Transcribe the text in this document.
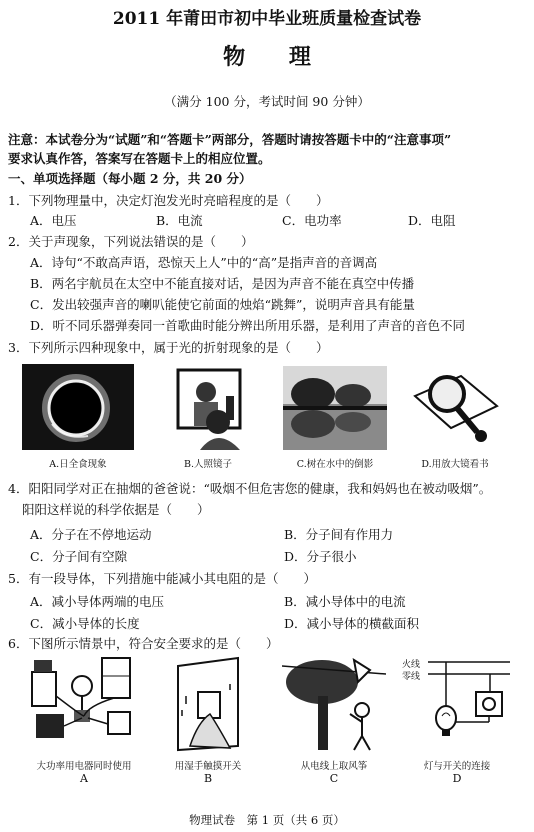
2011 年莆田市初中毕业班质量检查试卷
物 理
（满分 100 分，考试时间 90 分钟）
注意：本试卷分为“试题”和“答题卡”两部分，答题时请按答题卡中的“注意事项”
要求认真作答，答案写在答题卡上的相应位置。
一、单项选择题（每小题 2 分，共 20 分）
1．下列物理量中，决定灯泡发光时亮暗程度的是（　　）
A．电压	B．电流	C．电功率	D．电阻
2．关于声现象，下列说法错误的是（　　）
A．诗句“不敢高声语，恐惊天上人”中的“高”是指声音的音调高
B．两名宇航员在太空中不能直接对话，是因为声音不能在真空中传播
C．发出较强声音的喇叭能使它前面的烛焰“跳舞”，说明声音具有能量
D．听不同乐器弹奏同一首歌曲时能分辨出所用乐器，是利用了声音的音色不同
3．下列所示四种现象中，属于光的折射现象的是（　　）
A.日全食现象	B.人照镜子	C.树在水中的倒影	D.用放大镜看书
4．阳阳同学对正在抽烟的爸爸说：“吸烟不但危害您的健康，我和妈妈也在被动吸烟”。
阳阳这样说的科学依据是（　　）
A．分子在不停地运动	B．分子间有作用力
C．分子间有空隙	D．分子很小
5．有一段导体，下列措施中能减小其电阻的是（　　）
A．减小导体两端的电压	B．减小导体中的电流
C．减小导体的长度	D．减小导体的横截面积
6．下图所示情景中，符合安全要求的是（　　）
大功率用电器同时使用
A
用湿手触摸开关
B
从电线上取风筝
C
火线
零线
灯与开关的连接
D
物理试卷　第 1 页（共 6 页）
